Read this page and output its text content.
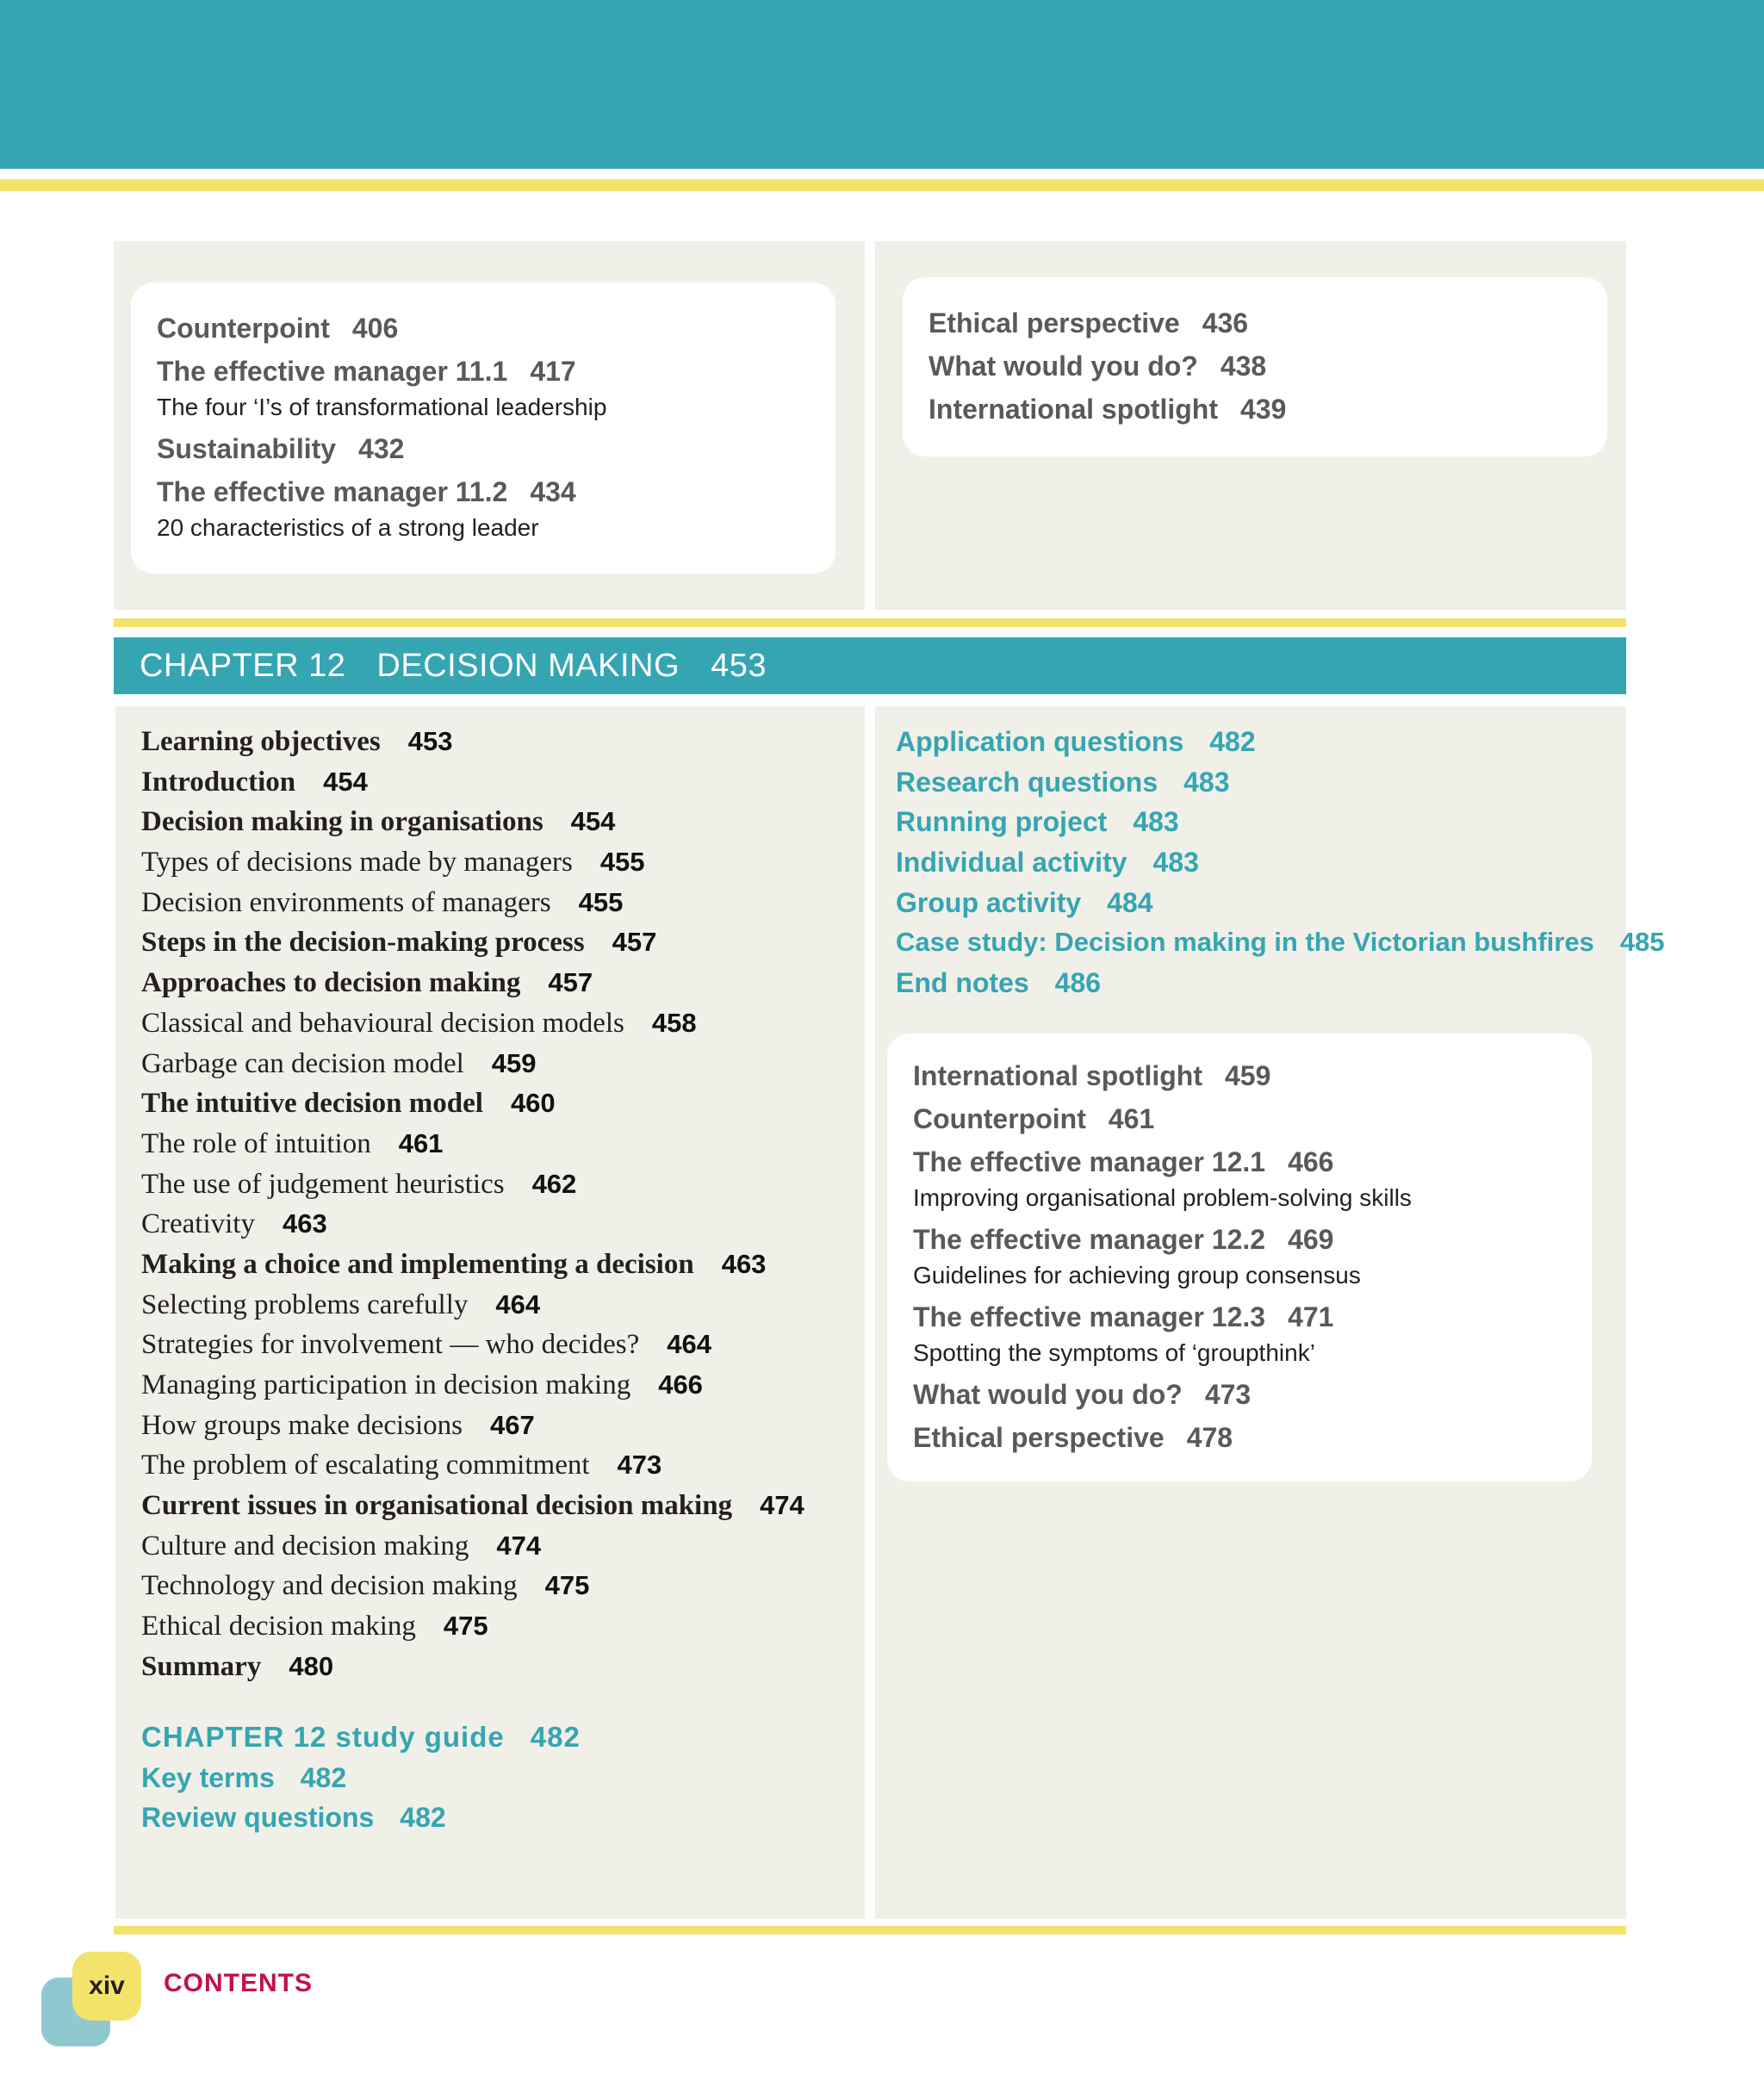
Counterpoint 406
The effective manager 11.1 417
The four ‘I’s of transformational leadership
Sustainability 432
The effective manager 11.2 434
20 characteristics of a strong leader
Ethical perspective 436
What would you do? 438
International spotlight 439
CHAPTER 12 DECISION MAKING 453
Learning objectives 453
Introduction 454
Decision making in organisations 454
Types of decisions made by managers 455
Decision environments of managers 455
Steps in the decision-making process 457
Approaches to decision making 457
Classical and behavioural decision models 458
Garbage can decision model 459
The intuitive decision model 460
The role of intuition 461
The use of judgement heuristics 462
Creativity 463
Making a choice and implementing a decision 463
Selecting problems carefully 464
Strategies for involvement — who decides? 464
Managing participation in decision making 466
How groups make decisions 467
The problem of escalating commitment 473
Current issues in organisational decision making 474
Culture and decision making 474
Technology and decision making 475
Ethical decision making 475
Summary 480
CHAPTER 12 study guide 482
Key terms 482
Review questions 482
Application questions 482
Research questions 483
Running project 483
Individual activity 483
Group activity 484
Case study: Decision making in the Victorian bushfires 485
End notes 486
International spotlight 459
Counterpoint 461
The effective manager 12.1 466
Improving organisational problem-solving skills
The effective manager 12.2 469
Guidelines for achieving group consensus
The effective manager 12.3 471
Spotting the symptoms of ‘groupthink’
What would you do? 473
Ethical perspective 478
xiv	CONTENTS
